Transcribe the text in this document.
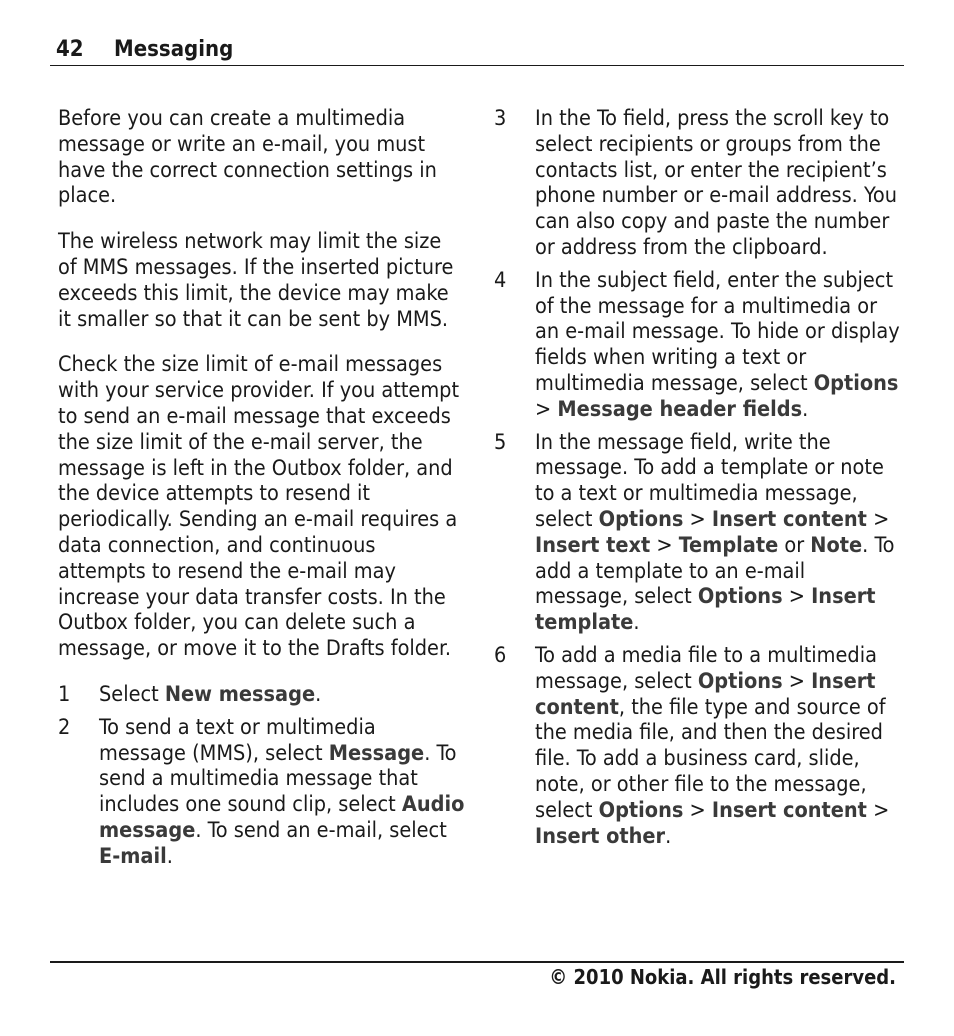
42 Messaging

Before you can create a multimedia message or write an e-mail, you must have the correct connection settings in place.

The wireless network may limit the size of MMS messages. If the inserted picture exceeds this limit, the device may make it smaller so that it can be sent by MMS.

Check the size limit of e-mail messages with your service provider. If you attempt to send an e-mail message that exceeds the size limit of the e-mail server, the message is left in the Outbox folder, and the device attempts to resend it periodically. Sending an e-mail requires a data connection, and continuous attempts to resend the e-mail may increase your data transfer costs. In the Outbox folder, you can delete such a message, or move it to the Drafts folder.

1	Select New message.
2	To send a text or multimedia message (MMS), select Message. To send a multimedia message that includes one sound clip, select Audio message. To send an e-mail, select E-mail.
3	In the To field, press the scroll key to select recipients or groups from the contacts list, or enter the recipient’s phone number or e-mail address. You can also copy and paste the number or address from the clipboard.
4	In the subject field, enter the subject of the message for a multimedia or an e-mail message. To hide or display fields when writing a text or multimedia message, select Options > Message header fields.
5	In the message field, write the message. To add a template or note to a text or multimedia message, select Options > Insert content > Insert text > Template or Note. To add a template to an e-mail message, select Options > Insert template.
6	To add a media file to a multimedia message, select Options > Insert content, the file type and source of the media file, and then the desired file. To add a business card, slide, note, or other file to the message, select Options > Insert content > Insert other.
© 2010 Nokia. All rights reserved.
